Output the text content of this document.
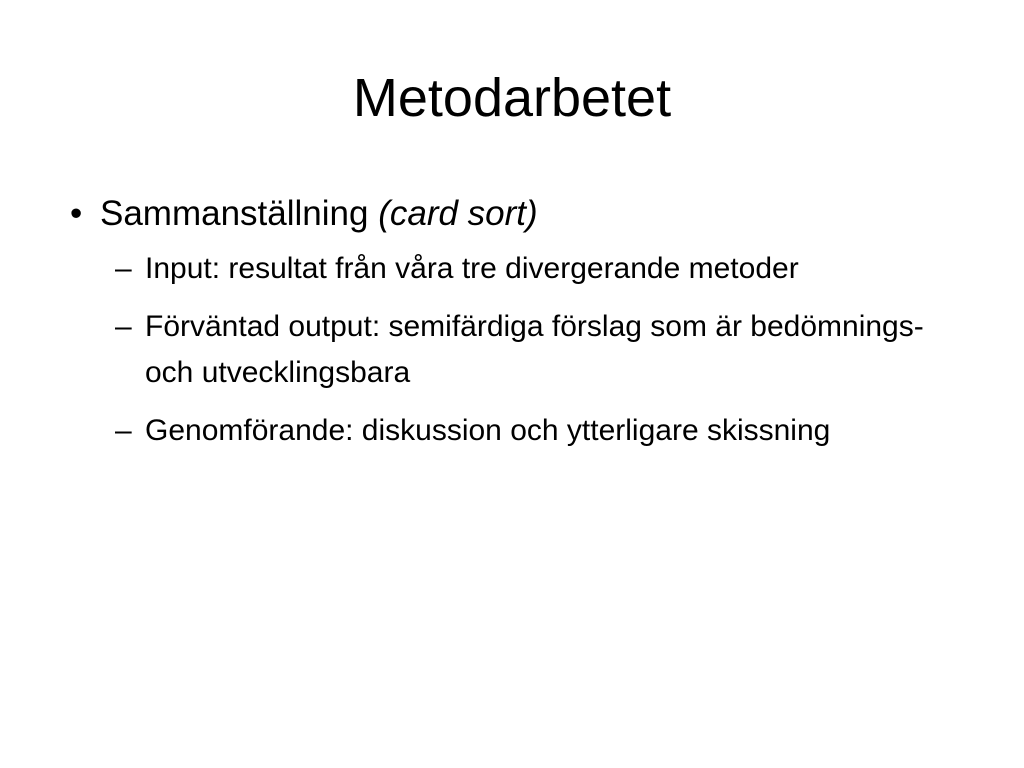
Metodarbetet
• Sammanställning (card sort)
– Input: resultat från våra tre divergerande metoder
– Förväntad output: semifärdiga förslag som är bedömnings- och utvecklingsbara
– Genomförande: diskussion och ytterligare skissning
